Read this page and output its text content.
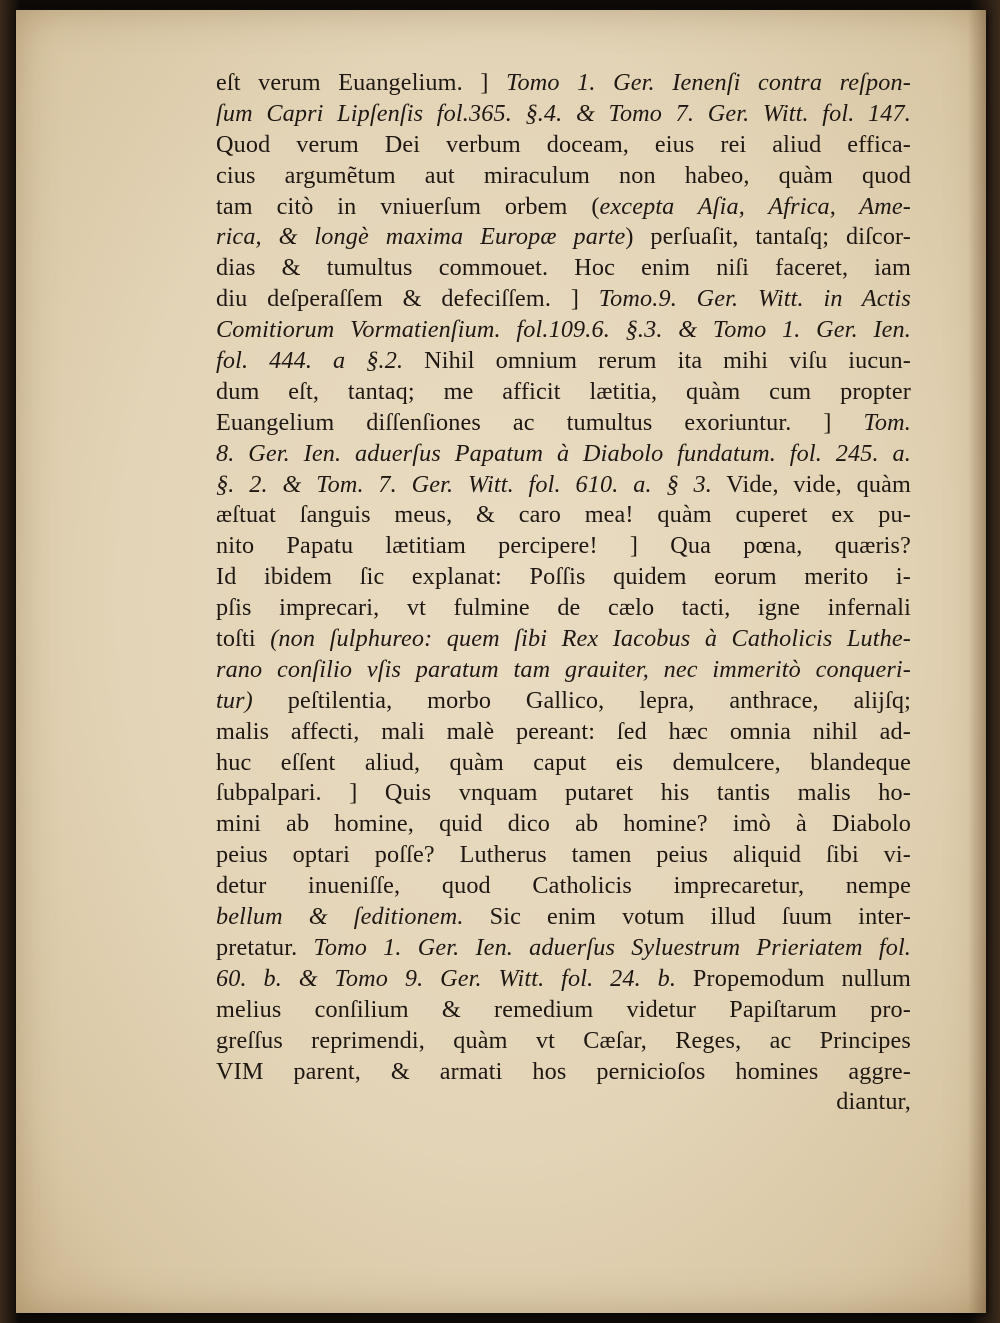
eſt verum Euangelium. ] Tomo 1. Ger. Ienenſi contra reſpon-
ſum Capri Lipſenſis fol.365. §.4. & Tomo 7. Ger. Witt. fol. 147.
Quod verum Dei verbum doceam, eius rei aliud effica-
cius argumẽtum aut miraculum non habeo, quàm quod
tam citò in vniuerſum orbem (excepta Aſia, Africa, Ame-
rica, & longè maxima Europæ parte) perſuaſit, tantaſq; diſcor-
dias & tumultus commouet. Hoc enim niſi faceret, iam
diu deſperaſſem & defeciſſem. ] Tomo.9. Ger. Witt. in Actis
Comitiorum Vormatienſium. fol.109.6. §.3. & Tomo 1. Ger. Ien.
fol. 444. a §.2. Nihil omnium rerum ita mihi viſu iucun-
dum eſt, tantaq; me afficit lætitia, quàm cum propter
Euangelium diſſenſiones ac tumultus exoriuntur. ] Tom.
8. Ger. Ien. aduerſus Papatum à Diabolo fundatum. fol. 245. a.
§. 2. & Tom. 7. Ger. Witt. fol. 610. a. § 3. Vide, vide, quàm
æſtuat ſanguis meus, & caro mea! quàm cuperet ex pu-
nito Papatu lætitiam percipere! ] Qua pœna, quæris?
Id ibidem ſic explanat: Poſſis quidem eorum merito i-
pſis imprecari, vt fulmine de cælo tacti, igne infernali
toſti (non ſulphureo: quem ſibi Rex Iacobus à Catholicis Luthe-
rano conſilio vſis paratum tam grauiter, nec immeritò conqueri-
tur) peſtilentia, morbo Gallico, lepra, anthrace, alijſq;
malis affecti, mali malè pereant: ſed hæc omnia nihil ad-
huc eſſent aliud, quàm caput eis demulcere, blandeque
ſubpalpari. ] Quis vnquam putaret his tantis malis ho-
mini ab homine, quid dico ab homine? imò à Diabolo
peius optari poſſe? Lutherus tamen peius aliquid ſibi vi-
detur inueniſſe, quod Catholicis imprecaretur, nempe
bellum & ſeditionem. Sic enim votum illud ſuum inter-
pretatur. Tomo 1. Ger. Ien. aduerſus Syluestrum Prieriatem fol.
60. b. & Tomo 9. Ger. Witt. fol. 24. b. Propemodum nullum
melius conſilium & remedium videtur Papiſtarum pro-
greſſus reprimendi, quàm vt Cæſar, Reges, ac Principes
VIM parent, & armati hos pernicioſos homines aggre-
diantur,
